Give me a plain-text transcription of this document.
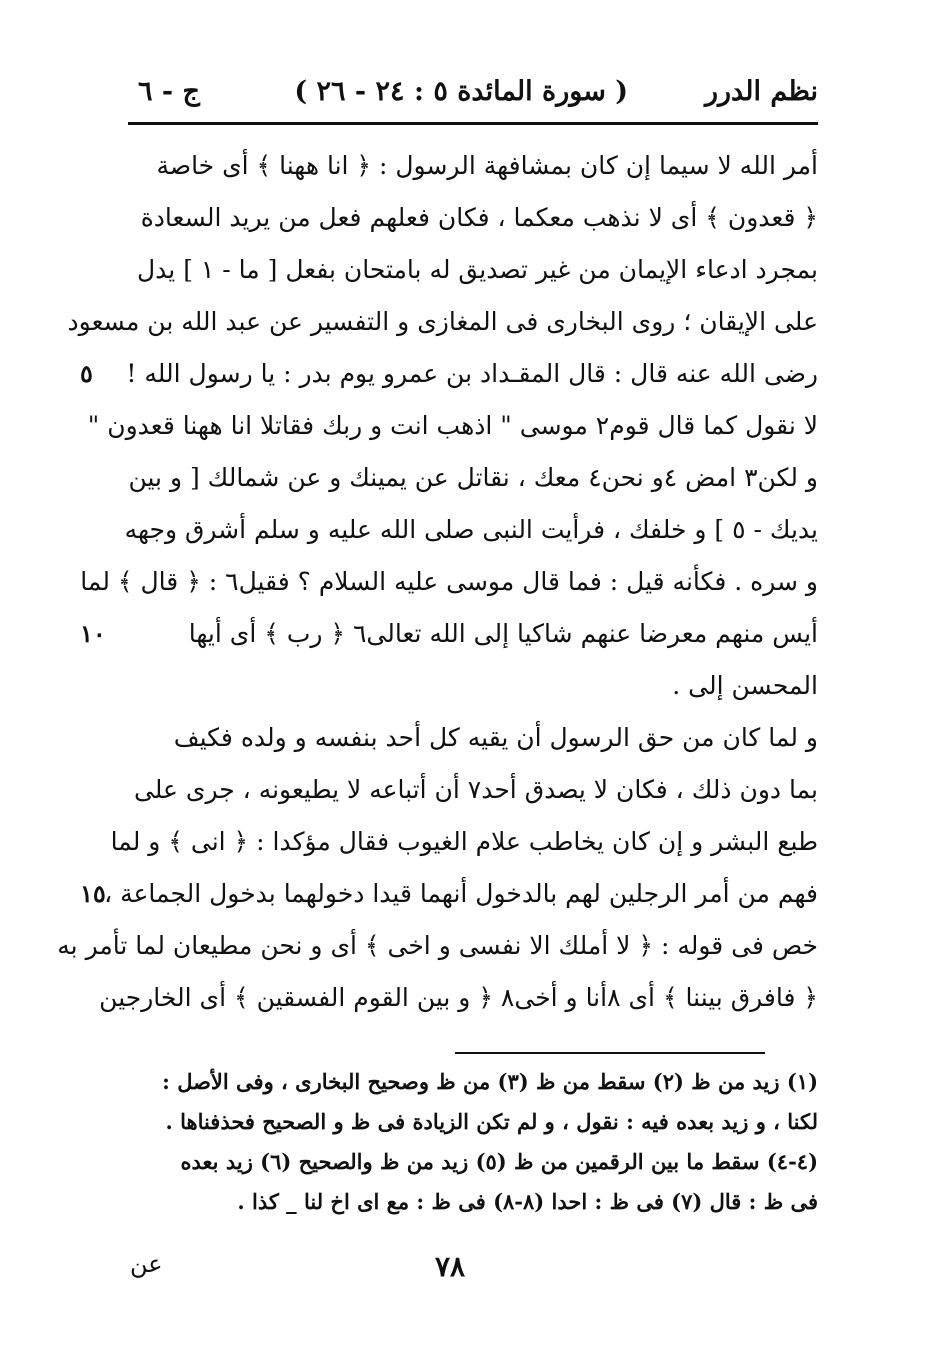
نظم الدرر
( سورة المائدة ٥ : ٢٤ - ٢٦ )
ج - ٦
أمر الله لا سيما إن كان بمشافهة الرسول : ﴿ انا ههنا ﴾ أى خاصة
﴿ قعدون ﴾ أى لا نذهب معكما ، فكان فعلهم فعل من يريد السعادة
بمجرد ادعاء الإيمان من غير تصديق له بامتحان بفعل [ ما - ١ ] يدل
على الإيقان ؛ روى البخارى فى المغازى و التفسير عن عبد الله بن مسعود
٥ رضى الله عنه قال : قال المقـداد بن عمرو يوم بدر : يا رسول الله !
لا نقول كما قال قوم٢ موسى " اذهب انت و ربك فقاتلا انا ههنا قعدون "
و لكن٣ امض ٤و نحن٤ معك ، نقاتل عن يمينك و عن شمالك [ و بين
يديك - ٥ ] و خلفك ، فرأيت النبى صلى الله عليه و سلم أشرق وجهه
و سره . فكأنه قيل : فما قال موسى عليه السلام ؟ فقيل٦ : ﴿ قال ﴾ لما
١٠	أيس منهم معرضا عنهم شاكيا إلى الله تعالى٦ ﴿ رب ﴾ أى أيها
المحسن إلى .
و لما كان من حق الرسول أن يقيه كل أحد بنفسه و ولده فكيف
بما دون ذلك ، فكان لا يصدق أحد٧ أن أتباعه لا يطيعونه ، جرى على
طبع البشر و إن كان يخاطب علام الغيوب فقال مؤكدا : ﴿ انى ﴾ و لما
١٥
فهم من أمر الرجلين لهم بالدخول أنهما قيدا دخولهما بدخول الجماعة ،
خص فى قوله : ﴿ لا أملك الا نفسى و اخى ﴾ أى و نحن مطيعان لما تأمر به
﴿ فافرق بيننا ﴾ أى ٨أنا و أخى٨ ﴿ و بين القوم الفسقين ﴾ أى الخارجين
(١) زيد من ظ (٢) سقط من ظ (٣) من ظ وصحيح البخارى ، وفى الأصل :
لكنا ، و زيد بعده فيه : نقول ، و لم تكن الزيادة فى ظ و الصحيح فحذفناها .
(٤-٤) سقط ما بين الرقمين من ظ (٥) زيد من ظ والصحيح (٦) زيد بعده
فى ظ : قال (٧) فى ظ : احدا (٨-٨) فى ظ : مع اى اخ لنا _ كذا .
٧٨
عن
